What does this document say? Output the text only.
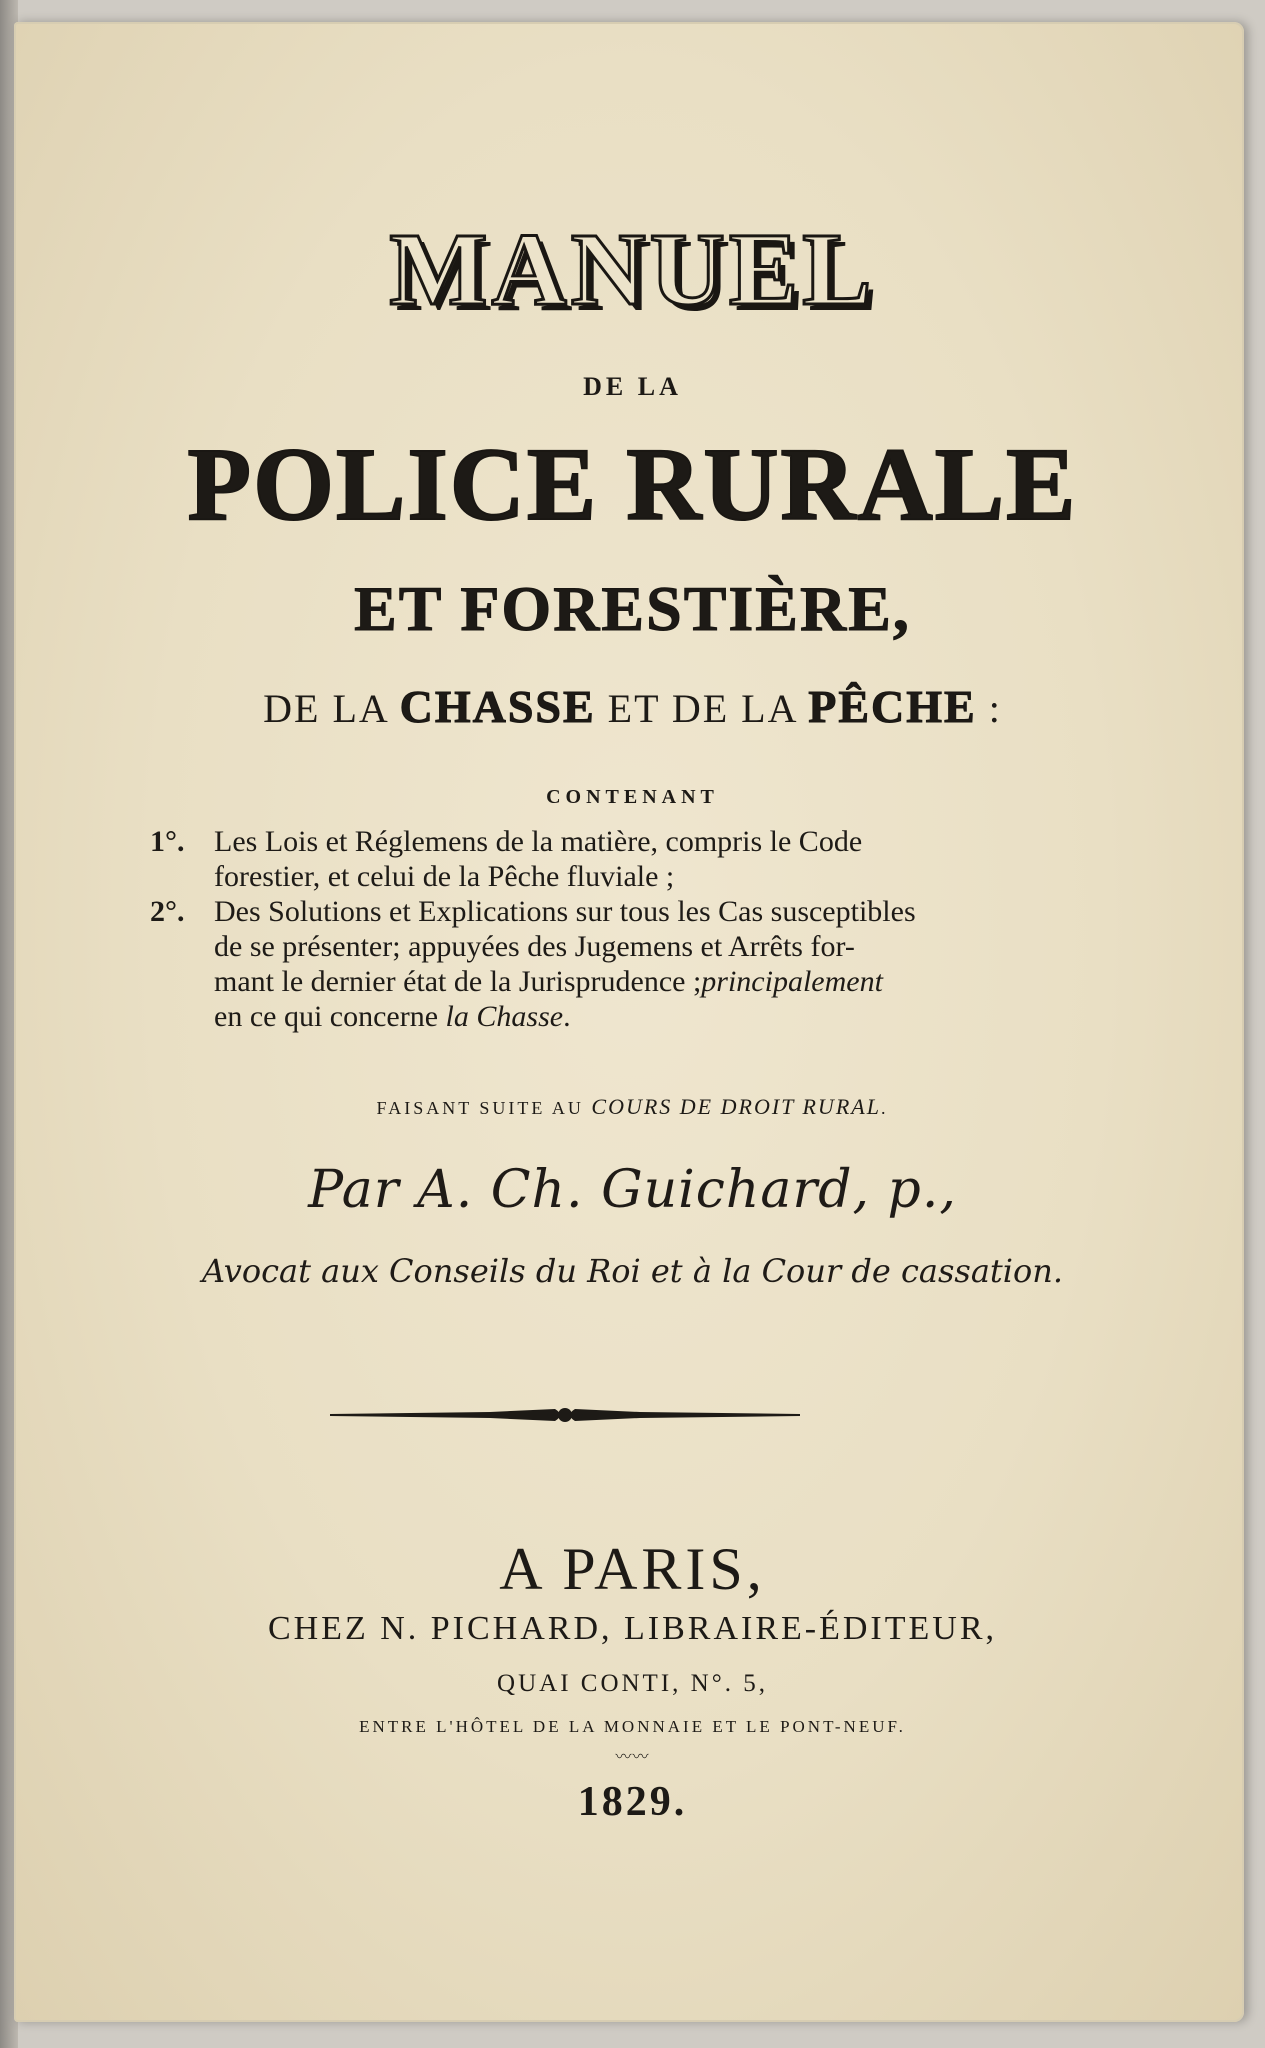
MANUEL
DE LA
POLICE RURALE
ET FORESTIÈRE,
DE LA CHASSE ET DE LA PÊCHE :
CONTENANT
1°. Les Lois et Réglemens de la matière, compris le Code
forestier, et celui de la Pêche fluviale ;
2°. Des Solutions et Explications sur tous les Cas susceptibles
de se présenter; appuyées des Jugemens et Arrêts for-
mant le dernier état de la Jurisprudence ;principalement
en ce qui concerne la Chasse.
FAISANT SUITE AU COURS DE DROIT RURAL.
Par A. Ch. Guichard, p.,
Avocat aux Conseils du Roi et à la Cour de cassation.
A PARIS,
CHEZ N. PICHARD, LIBRAIRE-ÉDITEUR,
QUAI CONTI, N°. 5,
ENTRE L'HÔTEL DE LA MONNAIE ET LE PONT-NEUF.
〰〰
1829.
